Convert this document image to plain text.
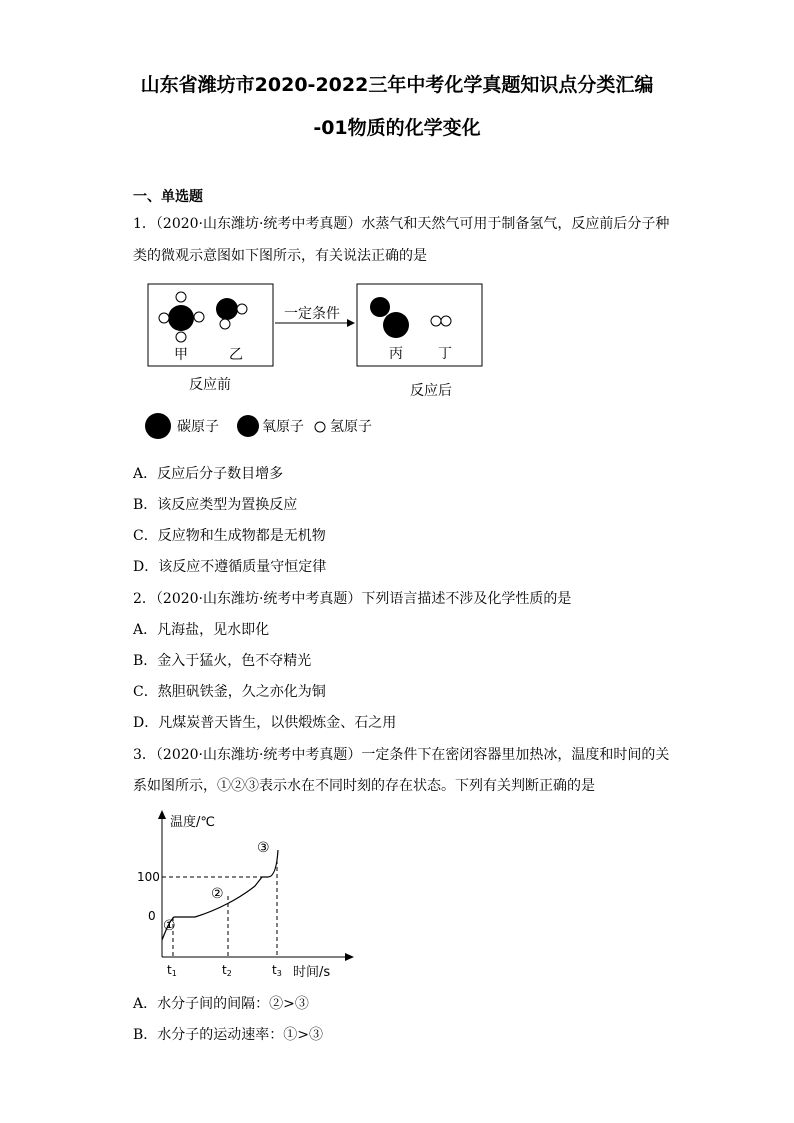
山东省潍坊市2020-2022三年中考化学真题知识点分类汇编
-01物质的化学变化
一、单选题
1．（2020·山东潍坊·统考中考真题）水蒸气和天然气可用于制备氢气，反应前后分子种
类的微观示意图如下图所示，有关说法正确的是
甲	乙
一定条件
丙	丁
反应前	反应后
碳原子	氧原子 氢原子
A．反应后分子数目增多
B．该反应类型为置换反应
C．反应物和生成物都是无机物
D．该反应不遵循质量守恒定律
2．（2020·山东潍坊·统考中考真题）下列语言描述不涉及化学性质的是
A．凡海盐，见水即化
B．金入于猛火，色不夺精光
C．熬胆矾铁釜，久之亦化为铜
D．凡煤炭普天皆生，以供煅炼金、石之用
3．（2020·山东潍坊·统考中考真题）一定条件下在密闭容器里加热冰，温度和时间的关
系如图所示，①②③表示水在不同时刻的存在状态。下列有关判断正确的是
温度/℃
时间/s
100
0
①
②
③
t1	t2	t3
A．水分子间的间隔：②>③
B．水分子的运动速率：①>③
